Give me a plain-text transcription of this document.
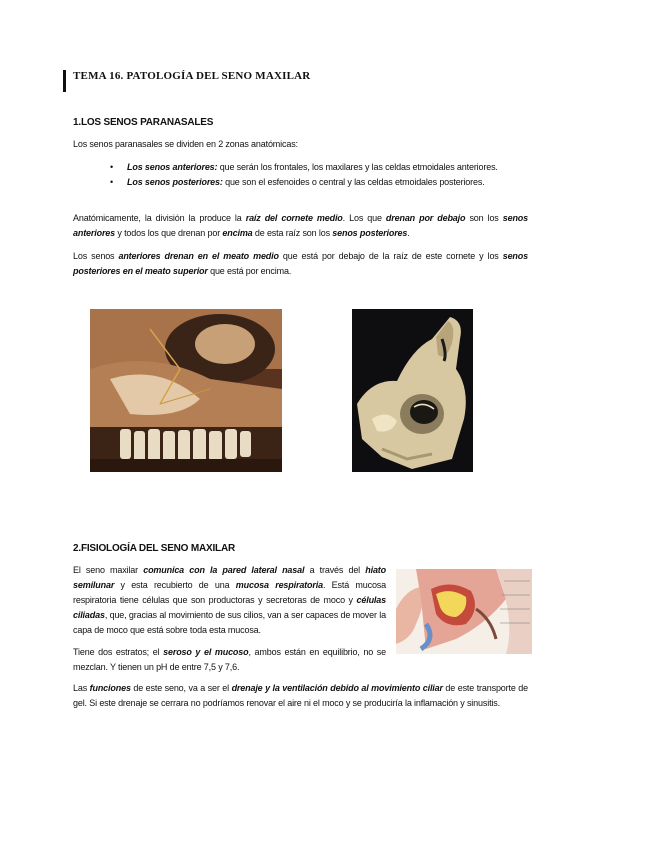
TEMA 16. PATOLOGÍA DEL SENO MAXILAR
1.LOS SENOS PARANASALES
Los senos paranasales se dividen en 2 zonas anatómicas:
• Los senos anteriores: que serán los frontales, los maxilares y las celdas etmoidales anteriores.
• Los senos posteriores: que son el esfenoides o central y las celdas etmoidales posteriores.
Anatómicamente, la división la produce la raíz del cornete medio. Los que drenan por debajo son los senos anteriores y todos los que drenan por encima de esta raíz son los senos posteriores.
Los senos anteriores drenan en el meato medio que está por debajo de la raíz de este cornete y los senos posteriores en el meato superior que está por encima.
2.FISIOLOGÍA DEL SENO MAXILAR
El seno maxilar comunica con la pared lateral nasal a través del hiato semilunar y esta recubierto de una mucosa respiratoria. Está mucosa respiratoria tiene células que son productoras y secretoras de moco y células ciliadas, que, gracias al movimiento de sus cilios, van a ser capaces de mover la capa de moco que está sobre toda esta mucosa.
Tiene dos estratos; el seroso y el mucoso, ambos están en equilibrio, no se mezclan. Y tienen un pH de entre 7,5 y 7,6.
Las funciones de este seno, va a ser el drenaje y la ventilación debido al movimiento ciliar de este transporte de gel. Si este drenaje se cerrara no podríamos renovar el aire ni el moco y se produciría la inflamación y sinusitis.
